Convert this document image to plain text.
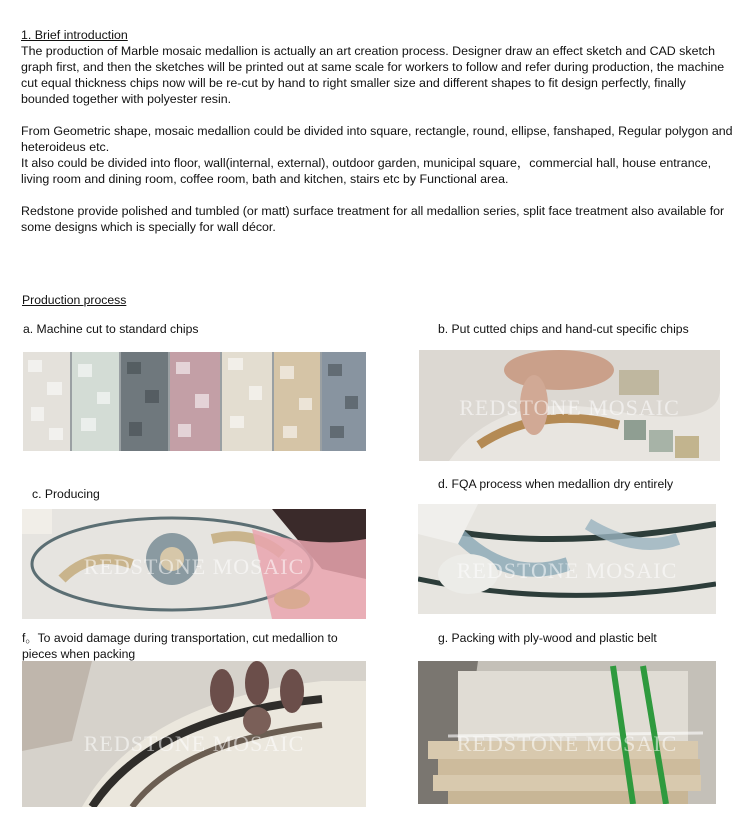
1. Brief introduction

The production of Marble mosaic medallion is actually an art creation process. Designer draw an effect sketch and CAD sketch graph first, and then the sketches will be printed out at same scale for workers to follow and refer during production, the machine cut equal thickness chips now will be re-cut by hand to right smaller size and different shapes to fit design perfectly, finally bounded together with polyester resin.

From Geometric shape, mosaic medallion could be divided into square, rectangle, round, ellipse, fanshaped, Regular polygon and heteroideus etc.

It also could be divided into floor, wall(internal, external), outdoor garden, municipal square，commercial hall, house entrance, living room and dining room, coffee room, bath and kitchen, stairs etc by Functional area.

Redstone provide polished and tumbled (or matt) surface treatment for all medallion series, split face treatment also available for some designs which is specially for wall décor.

Production process
a. Machine cut to standard chips	b. Put cutted chips and hand-cut specific chips
REDSTONE MOSAIC
c. Producing
REDSTONE MOSAIC
d. FQA process when medallion dry entirely
REDSTONE MOSAIC
f。To avoid damage during transportation, cut medallion to pieces when packing
REDSTONE MOSAIC
g. Packing with ply-wood and plastic belt
REDSTONE MOSAIC
